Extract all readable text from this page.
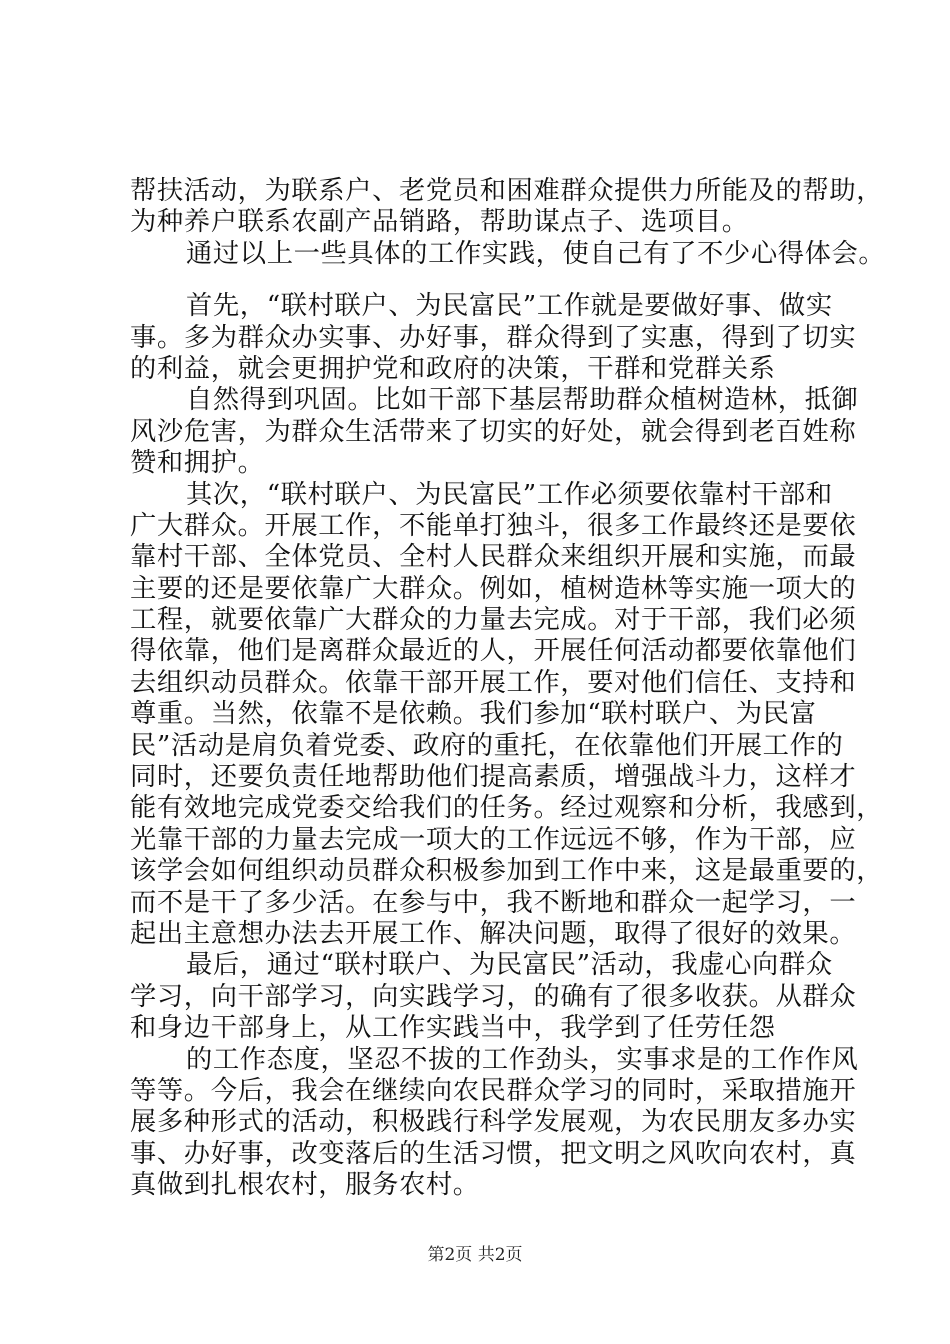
帮扶活动，为联系户、老党员和困难群众提供力所能及的帮助，
为种养户联系农副产品销路，帮助谋点子、选项目。
通过以上一些具体的工作实践，使自己有了不少心得体会。
首先，“联村联户、为民富民”工作就是要做好事、做实
事。多为群众办实事、办好事，群众得到了实惠，得到了切实
的利益，就会更拥护党和政府的决策，干群和党群关系
自然得到巩固。比如干部下基层帮助群众植树造林，抵御
风沙危害，为群众生活带来了切实的好处，就会得到老百姓称
赞和拥护。
其次，“联村联户、为民富民”工作必须要依靠村干部和
广大群众。开展工作，不能单打独斗，很多工作最终还是要依
靠村干部、全体党员、全村人民群众来组织开展和实施，而最
主要的还是要依靠广大群众。例如，植树造林等实施一项大的
工程，就要依靠广大群众的力量去完成。对于干部，我们必须
得依靠，他们是离群众最近的人，开展任何活动都要依靠他们
去组织动员群众。依靠干部开展工作，要对他们信任、支持和
尊重。当然，依靠不是依赖。我们参加“联村联户、为民富
民”活动是肩负着党委、政府的重托，在依靠他们开展工作的
同时，还要负责任地帮助他们提高素质，增强战斗力，这样才
能有效地完成党委交给我们的任务。经过观察和分析，我感到，
光靠干部的力量去完成一项大的工作远远不够，作为干部，应
该学会如何组织动员群众积极参加到工作中来，这是最重要的，
而不是干了多少活。在参与中，我不断地和群众一起学习，一
起出主意想办法去开展工作、解决问题，取得了很好的效果。
最后，通过“联村联户、为民富民”活动，我虚心向群众
学习，向干部学习，向实践学习，的确有了很多收获。从群众
和身边干部身上，从工作实践当中，我学到了任劳任怨
的工作态度，坚忍不拔的工作劲头，实事求是的工作作风
等等。今后，我会在继续向农民群众学习的同时，采取措施开
展多种形式的活动，积极践行科学发展观，为农民朋友多办实
事、办好事，改变落后的生活习惯，把文明之风吹向农村，真
真做到扎根农村，服务农村。
第2页 共2页
